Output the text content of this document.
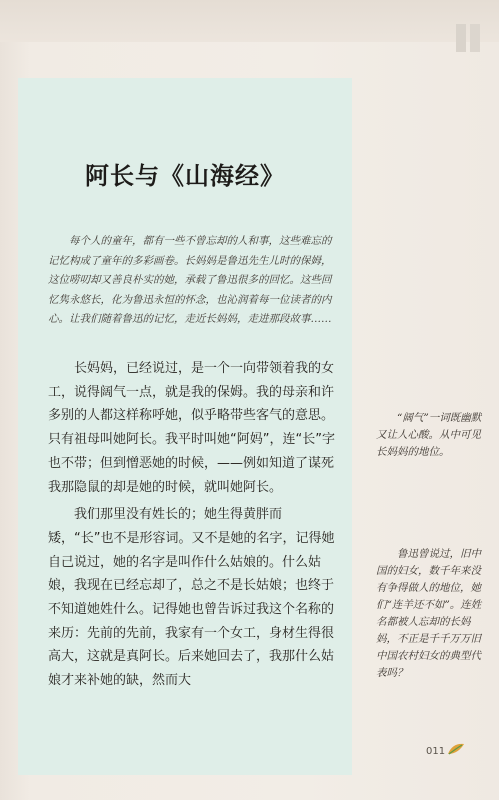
阿长与《山海经》

每个人的童年，都有一些不曾忘却的人和事，这些难忘的记忆构成了童年的多彩画卷。长妈妈是鲁迅先生儿时的保姆，这位唠叨却又善良朴实的她，承载了鲁迅很多的回忆。这些回忆隽永悠长，化为鲁迅永恒的怀念，也沁润着每一位读者的内心。让我们随着鲁迅的记忆，走近长妈妈，走进那段故事……

长妈妈，已经说过，是一个一向带领着我的女工，说得阔气一点，就是我的保姆。我的母亲和许多别的人都这样称呼她，似乎略带些客气的意思。只有祖母叫她阿长。我平时叫她“阿妈”，连“长”字也不带；但到憎恶她的时候，——例如知道了谋死我那隐鼠的却是她的时候，就叫她阿长。

我们那里没有姓长的；她生得黄胖而矮，“长”也不是形容词。又不是她的名字，记得她自己说过，她的名字是叫作什么姑娘的。什么姑娘，我现在已经忘却了，总之不是长姑娘；也终于不知道她姓什么。记得她也曾告诉过我这个名称的来历：先前的先前，我家有一个女工，身材生得很高大，这就是真阿长。后来她回去了，我那什么姑娘才来补她的缺，然而大

“阔气”一词既幽默又让人心酸。从中可见长妈妈的地位。

鲁迅曾说过，旧中国的妇女，数千年来没有争得做人的地位，她们“连羊还不如”。连姓名都被人忘却的长妈妈，不正是千千万万旧中国农村妇女的典型代表吗？

011
